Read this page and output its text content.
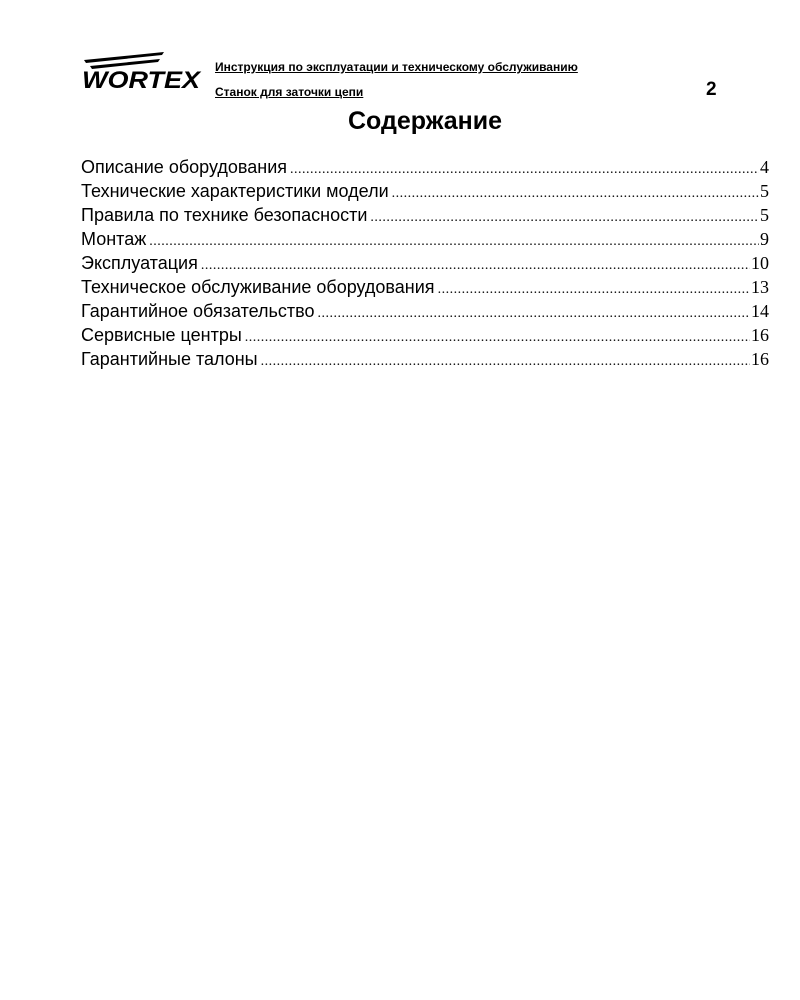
WORTEX Инструкция по эксплуатации и техническому обслуживанию
Станок для заточки цепи	2
Содержание
Описание оборудования .....	4
Технические характеристики модели .....	5
Правила по технике безопасности .....	5
Монтаж .....	9
Эксплуатация .....	10
Техническое обслуживание оборудования .....	13
Гарантийное обязательство .....	14
Сервисные центры .....	16
Гарантийные талоны .....	16
